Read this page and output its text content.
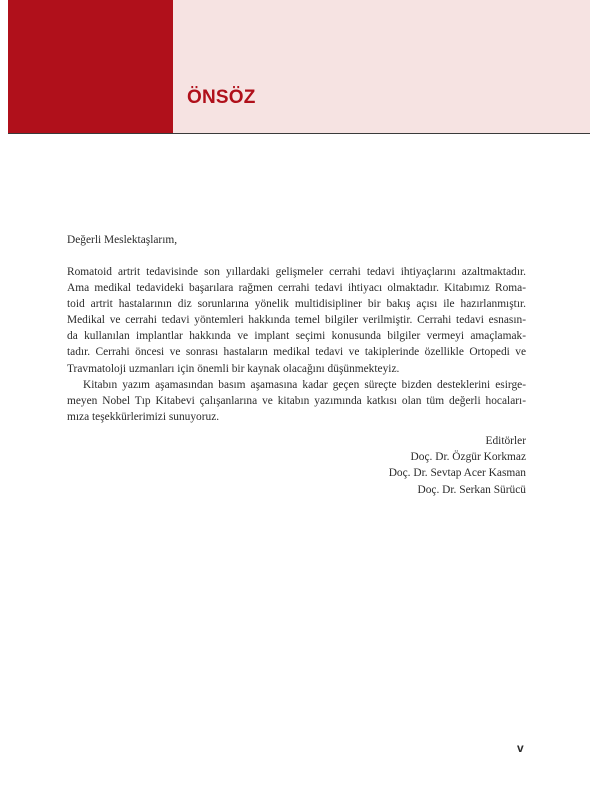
ÖNSÖZ
Değerli Meslektaşlarım,
Romatoid artrit tedavisinde son yıllardaki gelişmeler cerrahi tedavi ihtiyaçlarını azaltmaktadır.
Ama medikal tedavideki başarılara rağmen cerrahi tedavi ihtiyacı olmaktadır. Kitabımız Roma-
toid artrit hastalarının diz sorunlarına yönelik multidisipliner bir bakış açısı ile hazırlanmıştır.
Medikal ve cerrahi tedavi yöntemleri hakkında temel bilgiler verilmiştir. Cerrahi tedavi esnasın-
da kullanılan implantlar hakkında ve implant seçimi konusunda bilgiler vermeyi amaçlamak-
tadır. Cerrahi öncesi ve sonrası hastaların medikal tedavi ve takiplerinde özellikle Ortopedi ve
Travmatoloji uzmanları için önemli bir kaynak olacağını düşünmekteyiz.
Kitabın yazım aşamasından basım aşamasına kadar geçen süreçte bizden desteklerini esirge-
meyen Nobel Tıp Kitabevi çalışanlarına ve kitabın yazımında katkısı olan tüm değerli hocaları-
mıza teşekkürlerimizi sunuyoruz.
Editörler
Doç. Dr. Özgür Korkmaz
Doç. Dr. Sevtap Acer Kasman
Doç. Dr. Serkan Sürücü
v
